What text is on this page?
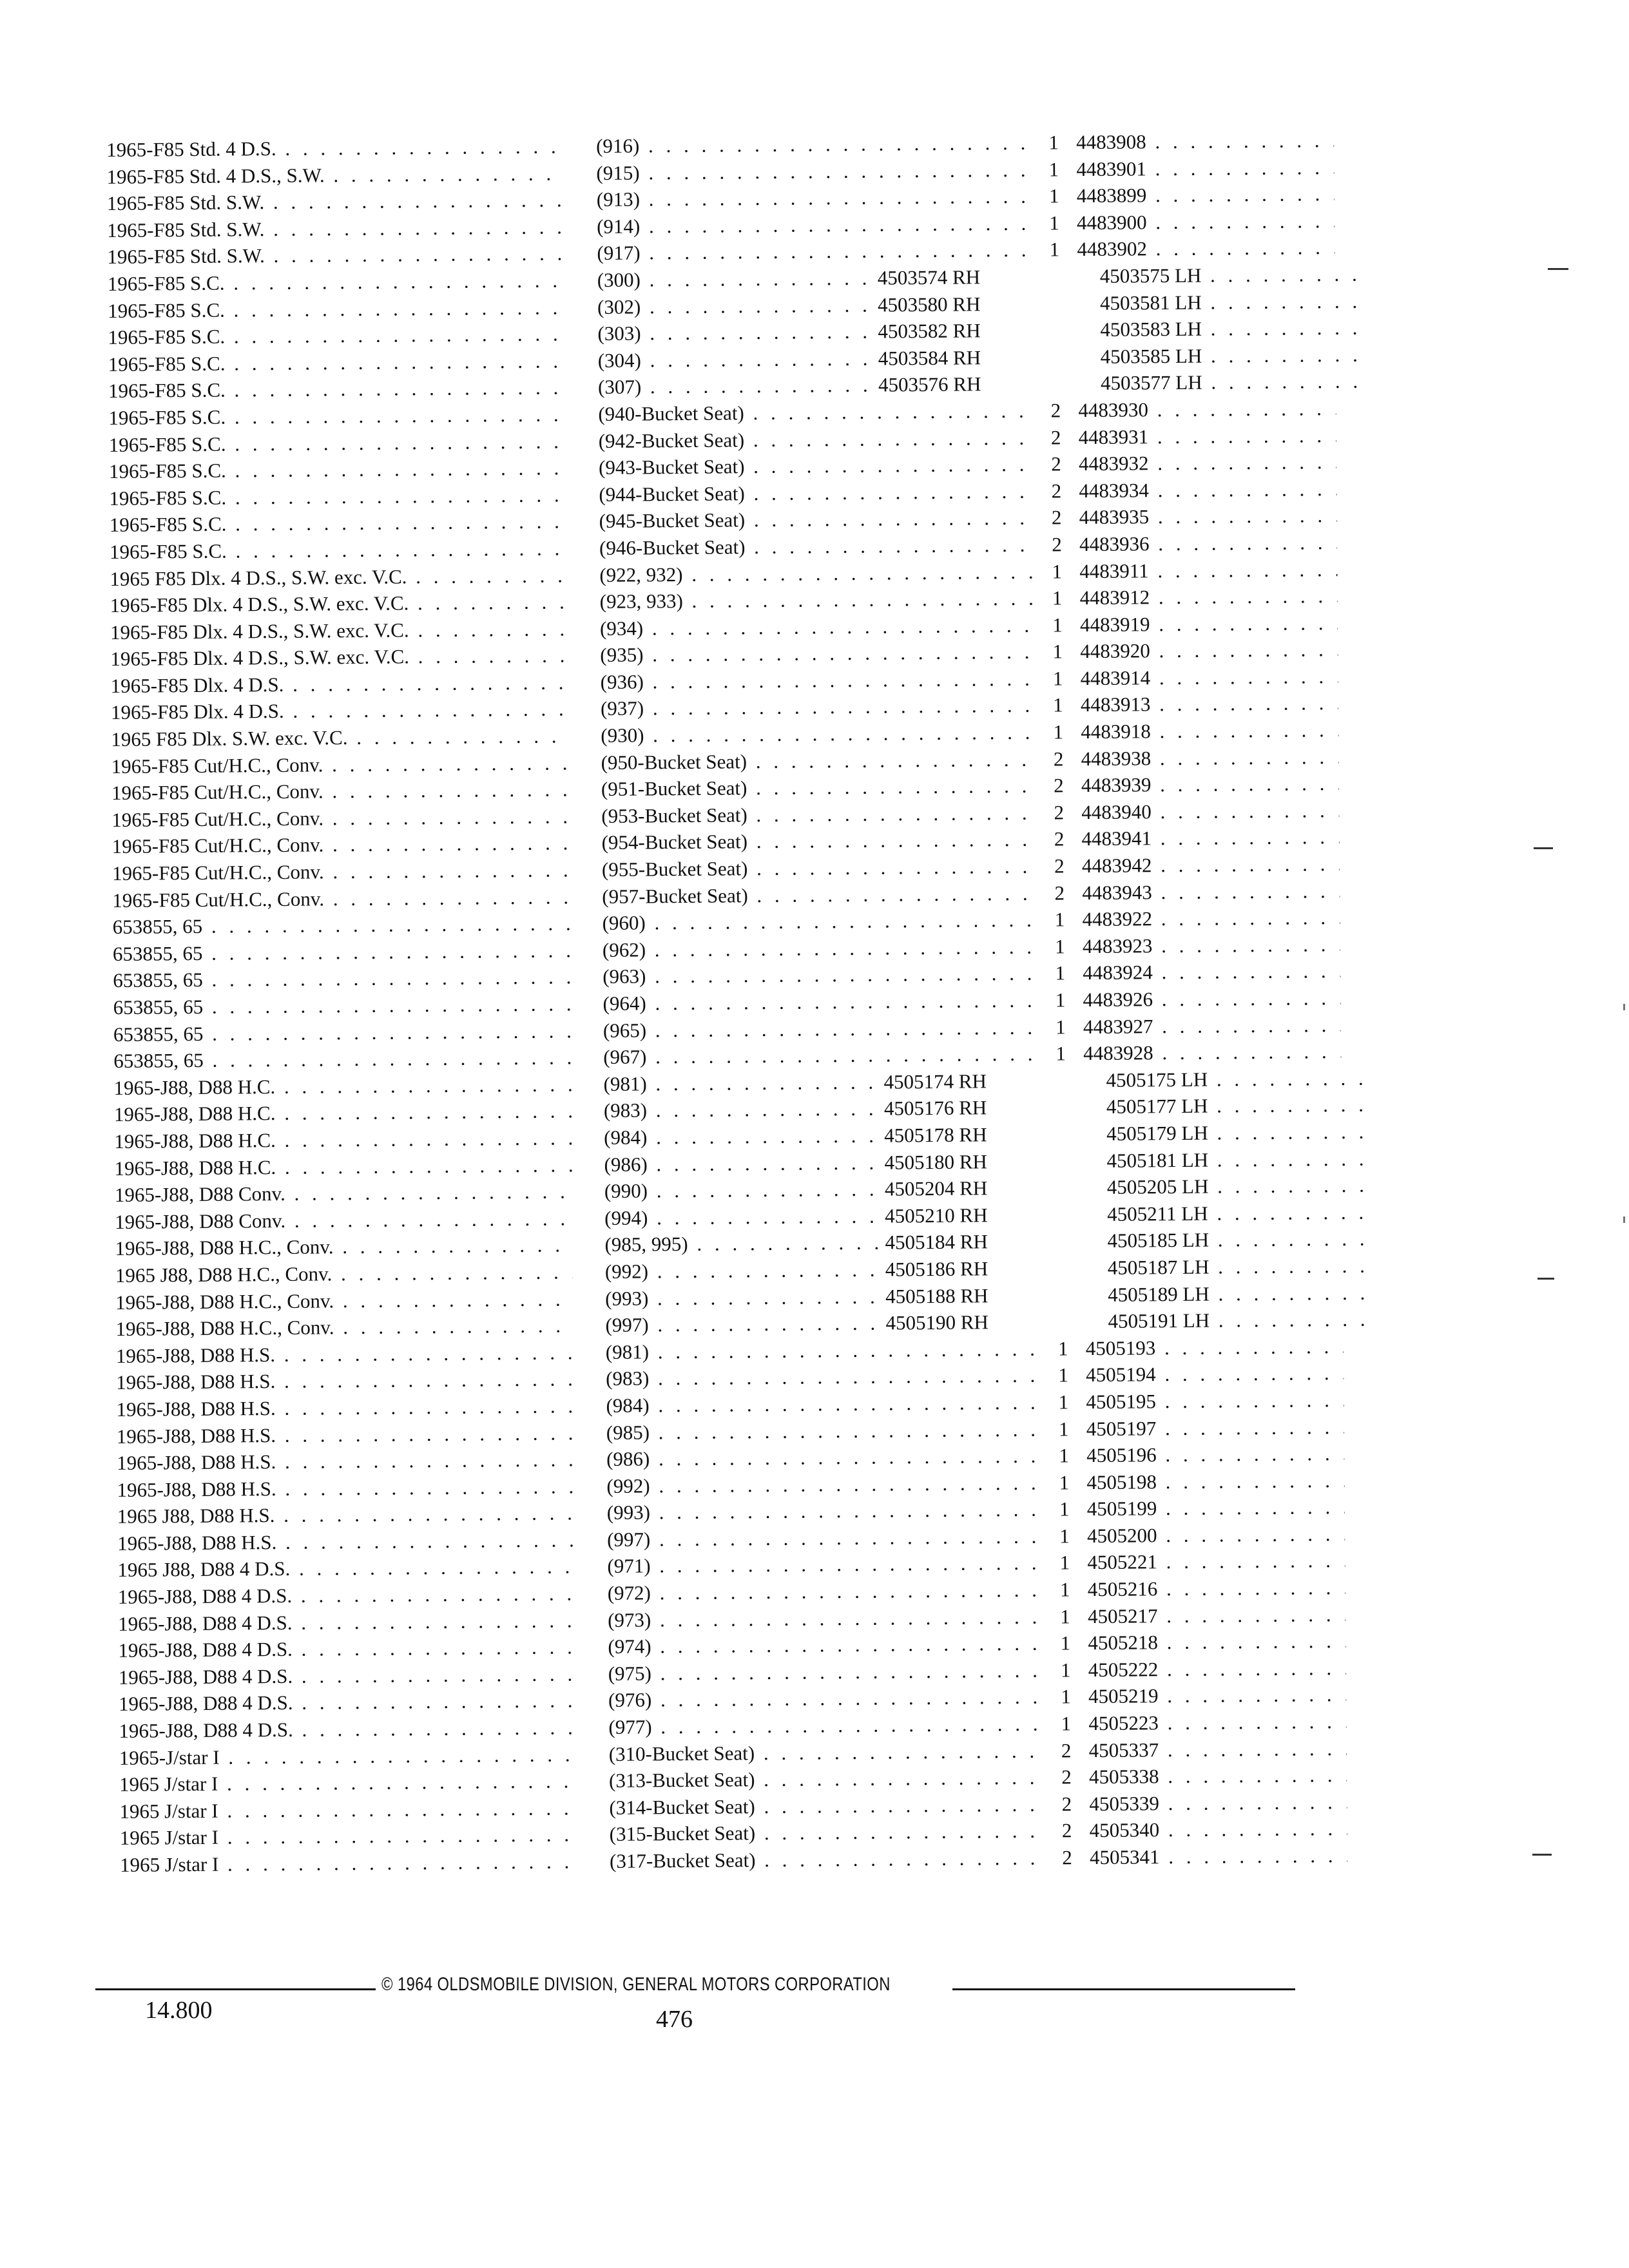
1965-F85 Std. 4 D.S. . . .	(916) . . .	1 4483908 . . .
1965-F85 Std. 4 D.S., S.W. . . .	(915) . . .	1 4483901 . . .
1965-F85 Std. S.W. . . .	(913) . . .	1 4483899 . . .
1965-F85 Std. S.W. . . .	(914) . . .	1 4483900 . . .
1965-F85 Std. S.W. . . .	(917) . . .	1 4483902 . . .
1965-F85 S.C. . . .	(300) . . .	4503574 RH	4503575 LH . . .
1965-F85 S.C. . . .	(302) . . .	4503580 RH	4503581 LH . . .
1965-F85 S.C. . . .	(303) . . .	4503582 RH	4503583 LH . . .
1965-F85 S.C. . . .	(304) . . .	4503584 RH	4503585 LH . . .
1965-F85 S.C. . . .	(307) . . .	4503576 RH	4503577 LH . . .
1965-F85 S.C. . . .	(940-Bucket Seat) . . .	2 4483930 . . .
1965-F85 S.C. . . .	(942-Bucket Seat) . . .	2 4483931 . . .
1965-F85 S.C. . . .	(943-Bucket Seat) . . .	2 4483932 . . .
1965-F85 S.C. . . .	(944-Bucket Seat) . . .	2 4483934 . . .
1965-F85 S.C. . . .	(945-Bucket Seat) . . .	2 4483935 . . .
1965-F85 S.C. . . .	(946-Bucket Seat) . . .	2 4483936 . . .
1965 F85 Dlx. 4 D.S., S.W. exc. V.C. . . .	(922, 932) . . .	1 4483911 . . .
1965-F85 Dlx. 4 D.S., S.W. exc. V.C. . . .	(923, 933) . . .	1 4483912 . . .
1965-F85 Dlx. 4 D.S., S.W. exc. V.C. . . .	(934) . . .	1 4483919 . . .
1965-F85 Dlx. 4 D.S., S.W. exc. V.C. . . .	(935) . . .	1 4483920 . . .
1965-F85 Dlx. 4 D.S. . . .	(936) . . .	1 4483914 . . .
1965-F85 Dlx. 4 D.S. . . .	(937) . . .	1 4483913 . . .
1965 F85 Dlx. S.W. exc. V.C. . . .	(930) . . .	1 4483918 . . .
1965-F85 Cut/H.C., Conv. . . .	(950-Bucket Seat) . . .	2 4483938 . . .
1965-F85 Cut/H.C., Conv. . . .	(951-Bucket Seat) . . .	2 4483939 . . .
1965-F85 Cut/H.C., Conv. . . .	(953-Bucket Seat) . . .	2 4483940 . . .
1965-F85 Cut/H.C., Conv. . . .	(954-Bucket Seat) . . .	2 4483941 . . .
1965-F85 Cut/H.C., Conv. . . .	(955-Bucket Seat) . . .	2 4483942 . . .
1965-F85 Cut/H.C., Conv. . . .	(957-Bucket Seat) . . .	2 4483943 . . .
653855, 65 . . .	(960) . . .	1 4483922 . . .
653855, 65 . . .	(962) . . .	1 4483923 . . .
653855, 65 . . .	(963) . . .	1 4483924 . . .
653855, 65 . . .	(964) . . .	1 4483926 . . .
653855, 65 . . .	(965) . . .	1 4483927 . . .
653855, 65 . . .	(967) . . .	1 4483928 . . .
1965-J88, D88 H.C. . . .	(981) . . .	4505174 RH	4505175 LH . . .
1965-J88, D88 H.C. . . .	(983) . . .	4505176 RH	4505177 LH . . .
1965-J88, D88 H.C. . . .	(984) . . .	4505178 RH	4505179 LH . . .
1965-J88, D88 H.C. . . .	(986) . . .	4505180 RH	4505181 LH . . .
1965-J88, D88 Conv. . . .	(990) . . .	4505204 RH	4505205 LH . . .
1965-J88, D88 Conv. . . .	(994) . . .	4505210 RH	4505211 LH . . .
1965-J88, D88 H.C., Conv. . . .	(985, 995) . . .	4505184 RH	4505185 LH . . .
1965 J88, D88 H.C., Conv. . . .	(992) . . .	4505186 RH	4505187 LH . . .
1965-J88, D88 H.C., Conv. . . .	(993) . . .	4505188 RH	4505189 LH . . .
1965-J88, D88 H.C., Conv. . . .	(997) . . .	4505190 RH	4505191 LH . . .
1965-J88, D88 H.S. . . .	(981) . . .	1 4505193 . . .
1965-J88, D88 H.S. . . .	(983) . . .	1 4505194 . . .
1965-J88, D88 H.S. . . .	(984) . . .	1 4505195 . . .
1965-J88, D88 H.S. . . .	(985) . . .	1 4505197 . . .
1965-J88, D88 H.S. . . .	(986) . . .	1 4505196 . . .
1965-J88, D88 H.S. . . .	(992) . . .	1 4505198 . . .
1965 J88, D88 H.S. . . .	(993) . . .	1 4505199 . . .
1965-J88, D88 H.S. . . .	(997) . . .	1 4505200 . . .
1965 J88, D88 4 D.S. . . .	(971) . . .	1 4505221 . . .
1965-J88, D88 4 D.S. . . .	(972) . . .	1 4505216 . . .
1965-J88, D88 4 D.S. . . .	(973) . . .	1 4505217 . . .
1965-J88, D88 4 D.S. . . .	(974) . . .	1 4505218 . . .
1965-J88, D88 4 D.S. . . .	(975) . . .	1 4505222 . . .
1965-J88, D88 4 D.S. . . .	(976) . . .	1 4505219 . . .
1965-J88, D88 4 D.S. . . .	(977) . . .	1 4505223 . . .
1965-J/star I . . .	(310-Bucket Seat) . . .	2 4505337 . . .
1965 J/star I . . .	(313-Bucket Seat) . . .	2 4505338 . . .
1965 J/star I . . .	(314-Bucket Seat) . . .	2 4505339 . . .
1965 J/star I . . .	(315-Bucket Seat) . . .	2 4505340 . . .
1965 J/star I . . .	(317-Bucket Seat) . . .	2 4505341 . . .
© 1964 OLDSMOBILE DIVISION, GENERAL MOTORS CORPORATION
14.800	476
